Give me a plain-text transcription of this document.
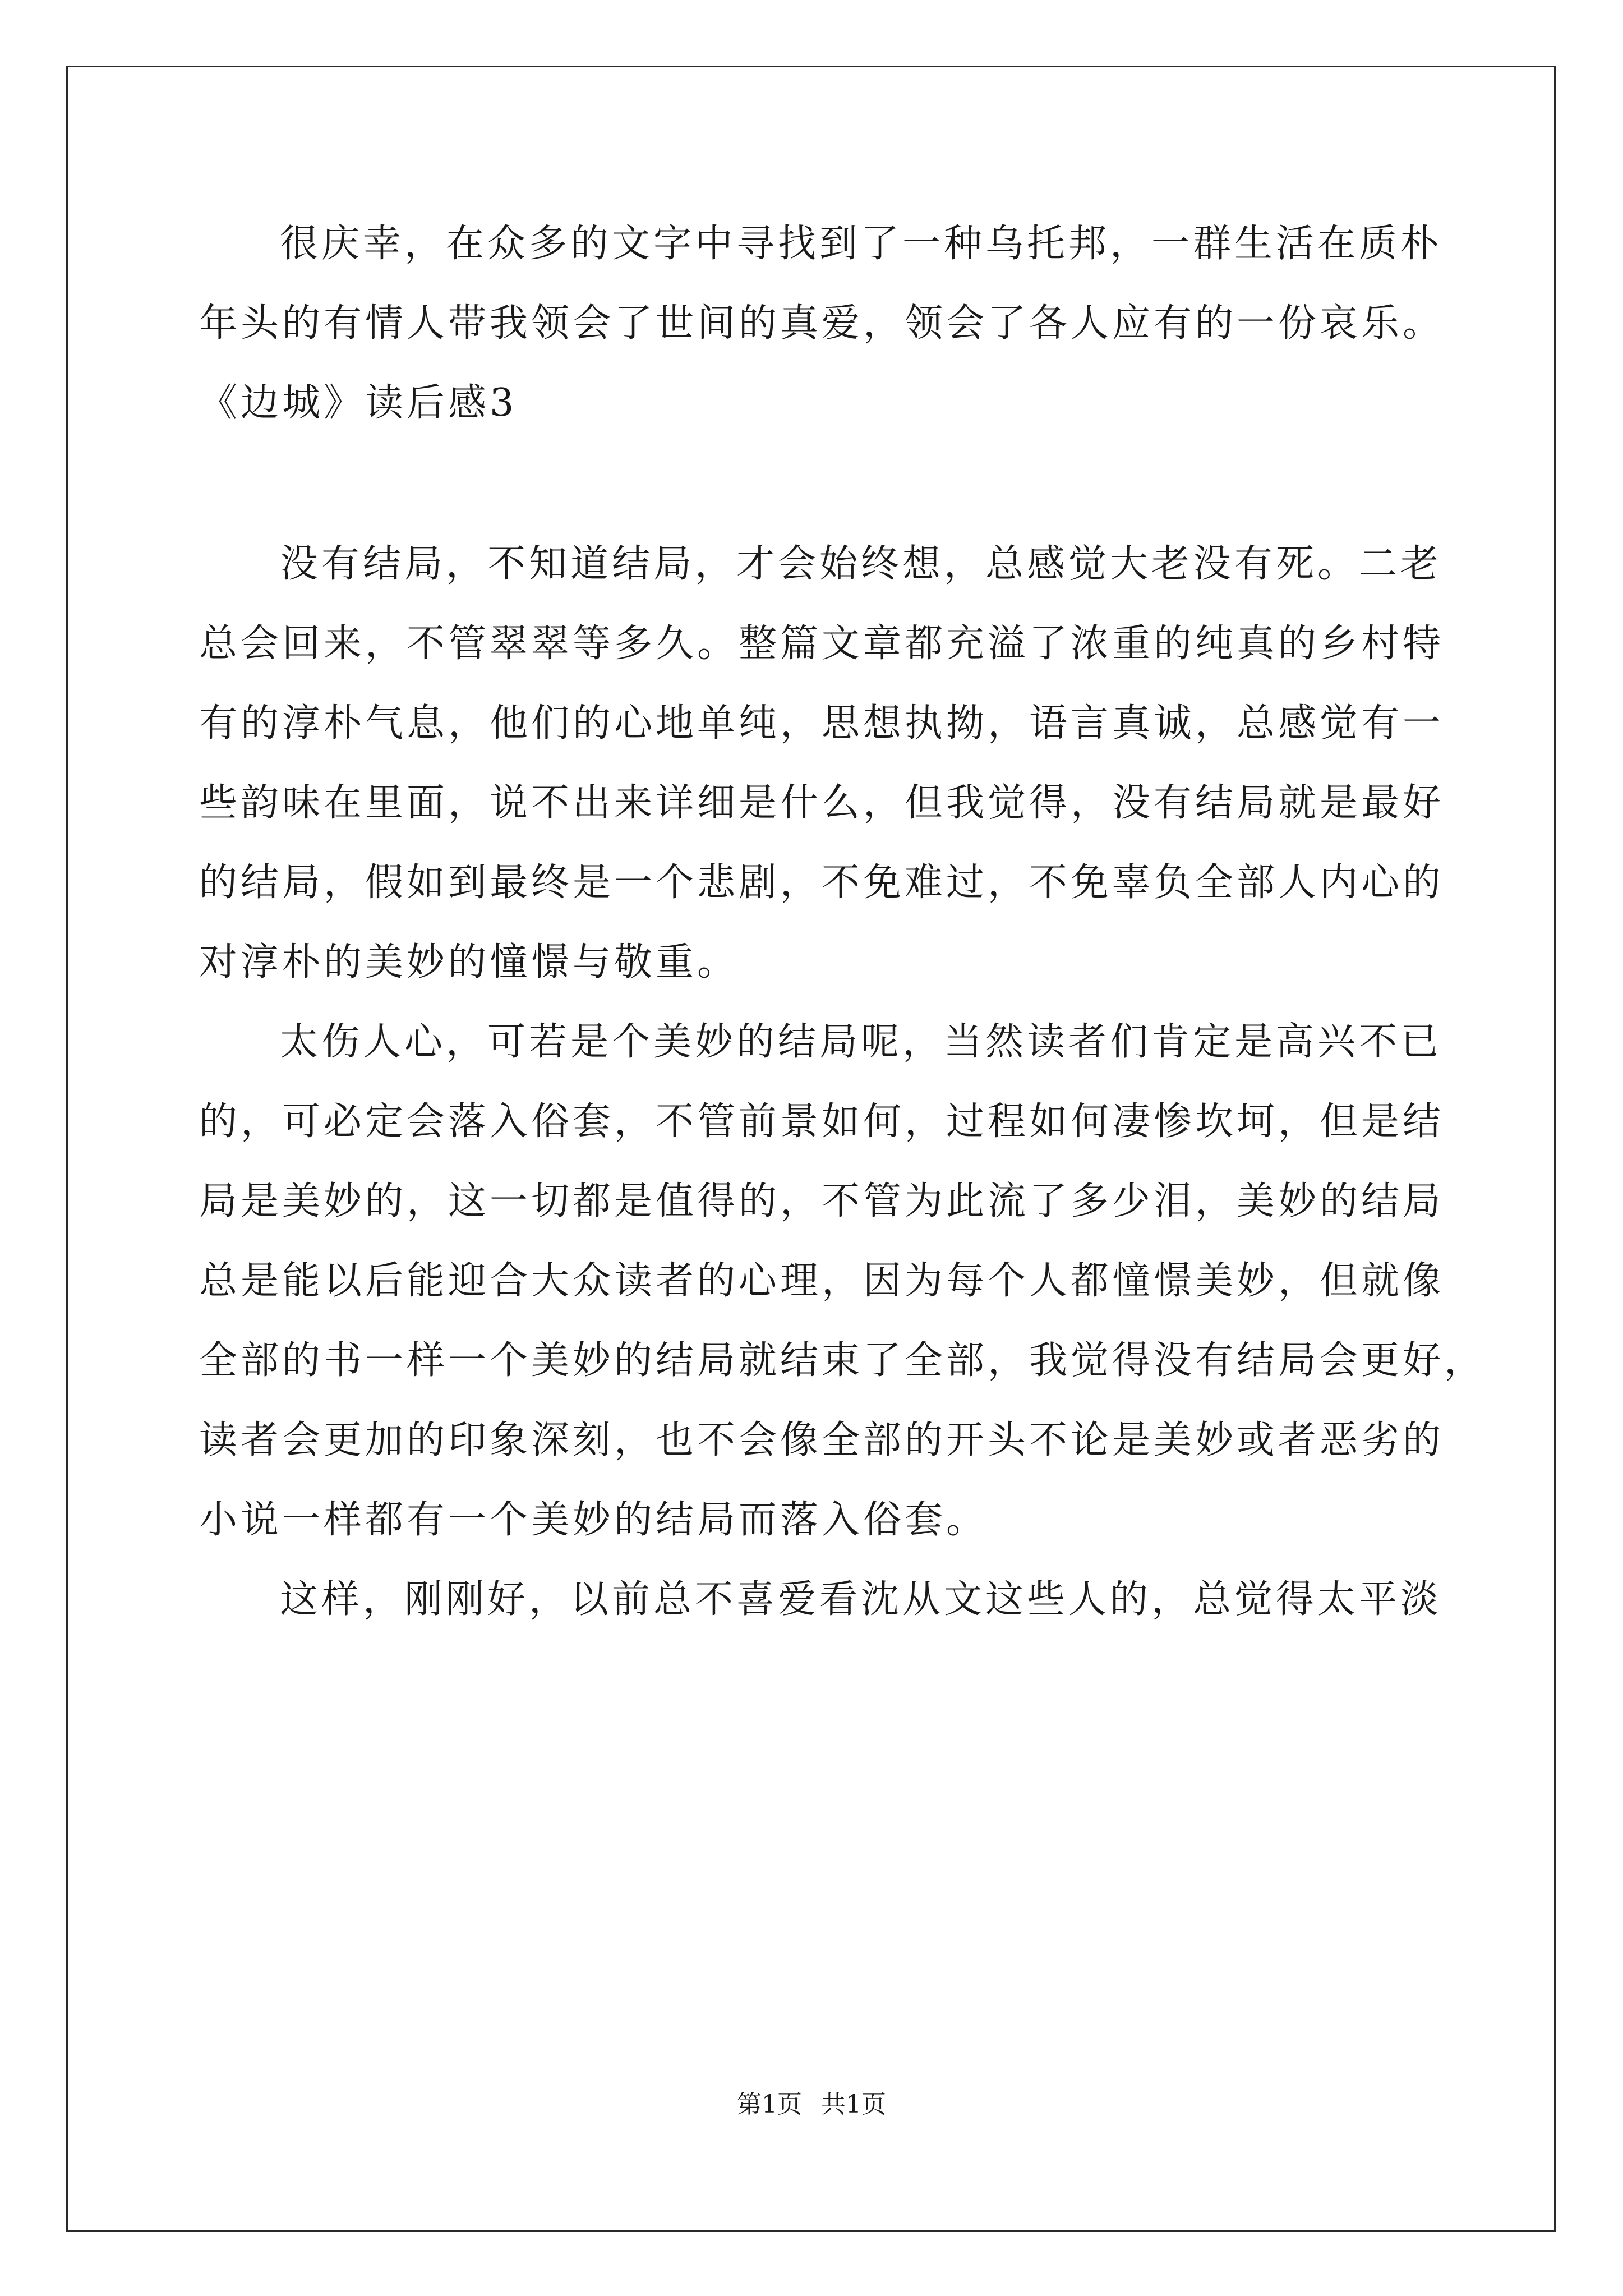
很庆幸，在众多的文字中寻找到了一种乌托邦，一群生活在质朴
年头的有情人带我领会了世间的真爱，领会了各人应有的一份哀乐。
《边城》读后感3
没有结局，不知道结局，才会始终想，总感觉大老没有死。二老
总会回来，不管翠翠等多久。整篇文章都充溢了浓重的纯真的乡村特
有的淳朴气息，他们的心地单纯，思想执拗，语言真诚，总感觉有一
些韵味在里面，说不出来详细是什么，但我觉得，没有结局就是最好
的结局，假如到最终是一个悲剧，不免难过，不免辜负全部人内心的
对淳朴的美妙的憧憬与敬重。
太伤人心，可若是个美妙的结局呢，当然读者们肯定是高兴不已
的，可必定会落入俗套，不管前景如何，过程如何凄惨坎坷，但是结
局是美妙的，这一切都是值得的，不管为此流了多少泪，美妙的结局
总是能以后能迎合大众读者的心理，因为每个人都憧憬美妙，但就像
全部的书一样一个美妙的结局就结束了全部，我觉得没有结局会更好，
读者会更加的印象深刻，也不会像全部的开头不论是美妙或者恶劣的
小说一样都有一个美妙的结局而落入俗套。
这样，刚刚好，以前总不喜爱看沈从文这些人的，总觉得太平淡
第1页 共1页
